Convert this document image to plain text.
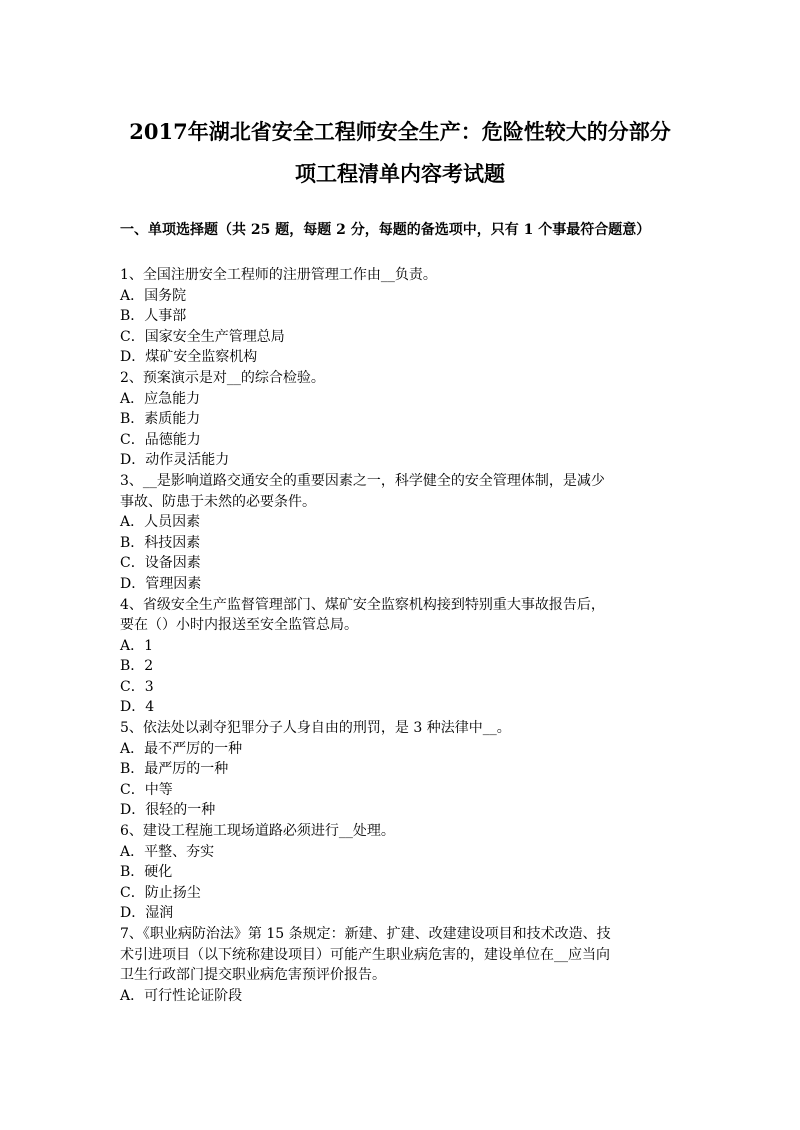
2017年湖北省安全工程师安全生产：危险性较大的分部分
项工程清单内容考试题

一、单项选择题（共 25 题，每题 2 分，每题的备选项中，只有 1 个事最符合题意）

1、全国注册安全工程师的注册管理工作由__负责。

A．国务院

B．人事部

C．国家安全生产管理总局

D．煤矿安全监察机构

2、预案演示是对__的综合检验。

A．应急能力

B．素质能力

C．品德能力

D．动作灵活能力

3、__是影响道路交通安全的重要因素之一，科学健全的安全管理体制，是减少

事故、防患于未然的必要条件。

A．人员因素

B．科技因素

C．设备因素

D．管理因素

4、省级安全生产监督管理部门、煤矿安全监察机构接到特别重大事故报告后，

要在（）小时内报送至安全监管总局。

A．1

B．2

C．3

D．4

5、依法处以剥夺犯罪分子人身自由的刑罚，是 3 种法律中__。

A．最不严厉的一种

B．最严厉的一种

C．中等

D．很轻的一种

6、建设工程施工现场道路必须进行__处理。

A．平整、夯实

B．硬化

C．防止扬尘

D．湿润

7、《职业病防治法》第 15 条规定：新建、扩建、改建建设项目和技术改造、技

术引进项目（以下统称建设项目）可能产生职业病危害的，建设单位在__应当向

卫生行政部门提交职业病危害预评价报告。

A．可行性论证阶段
